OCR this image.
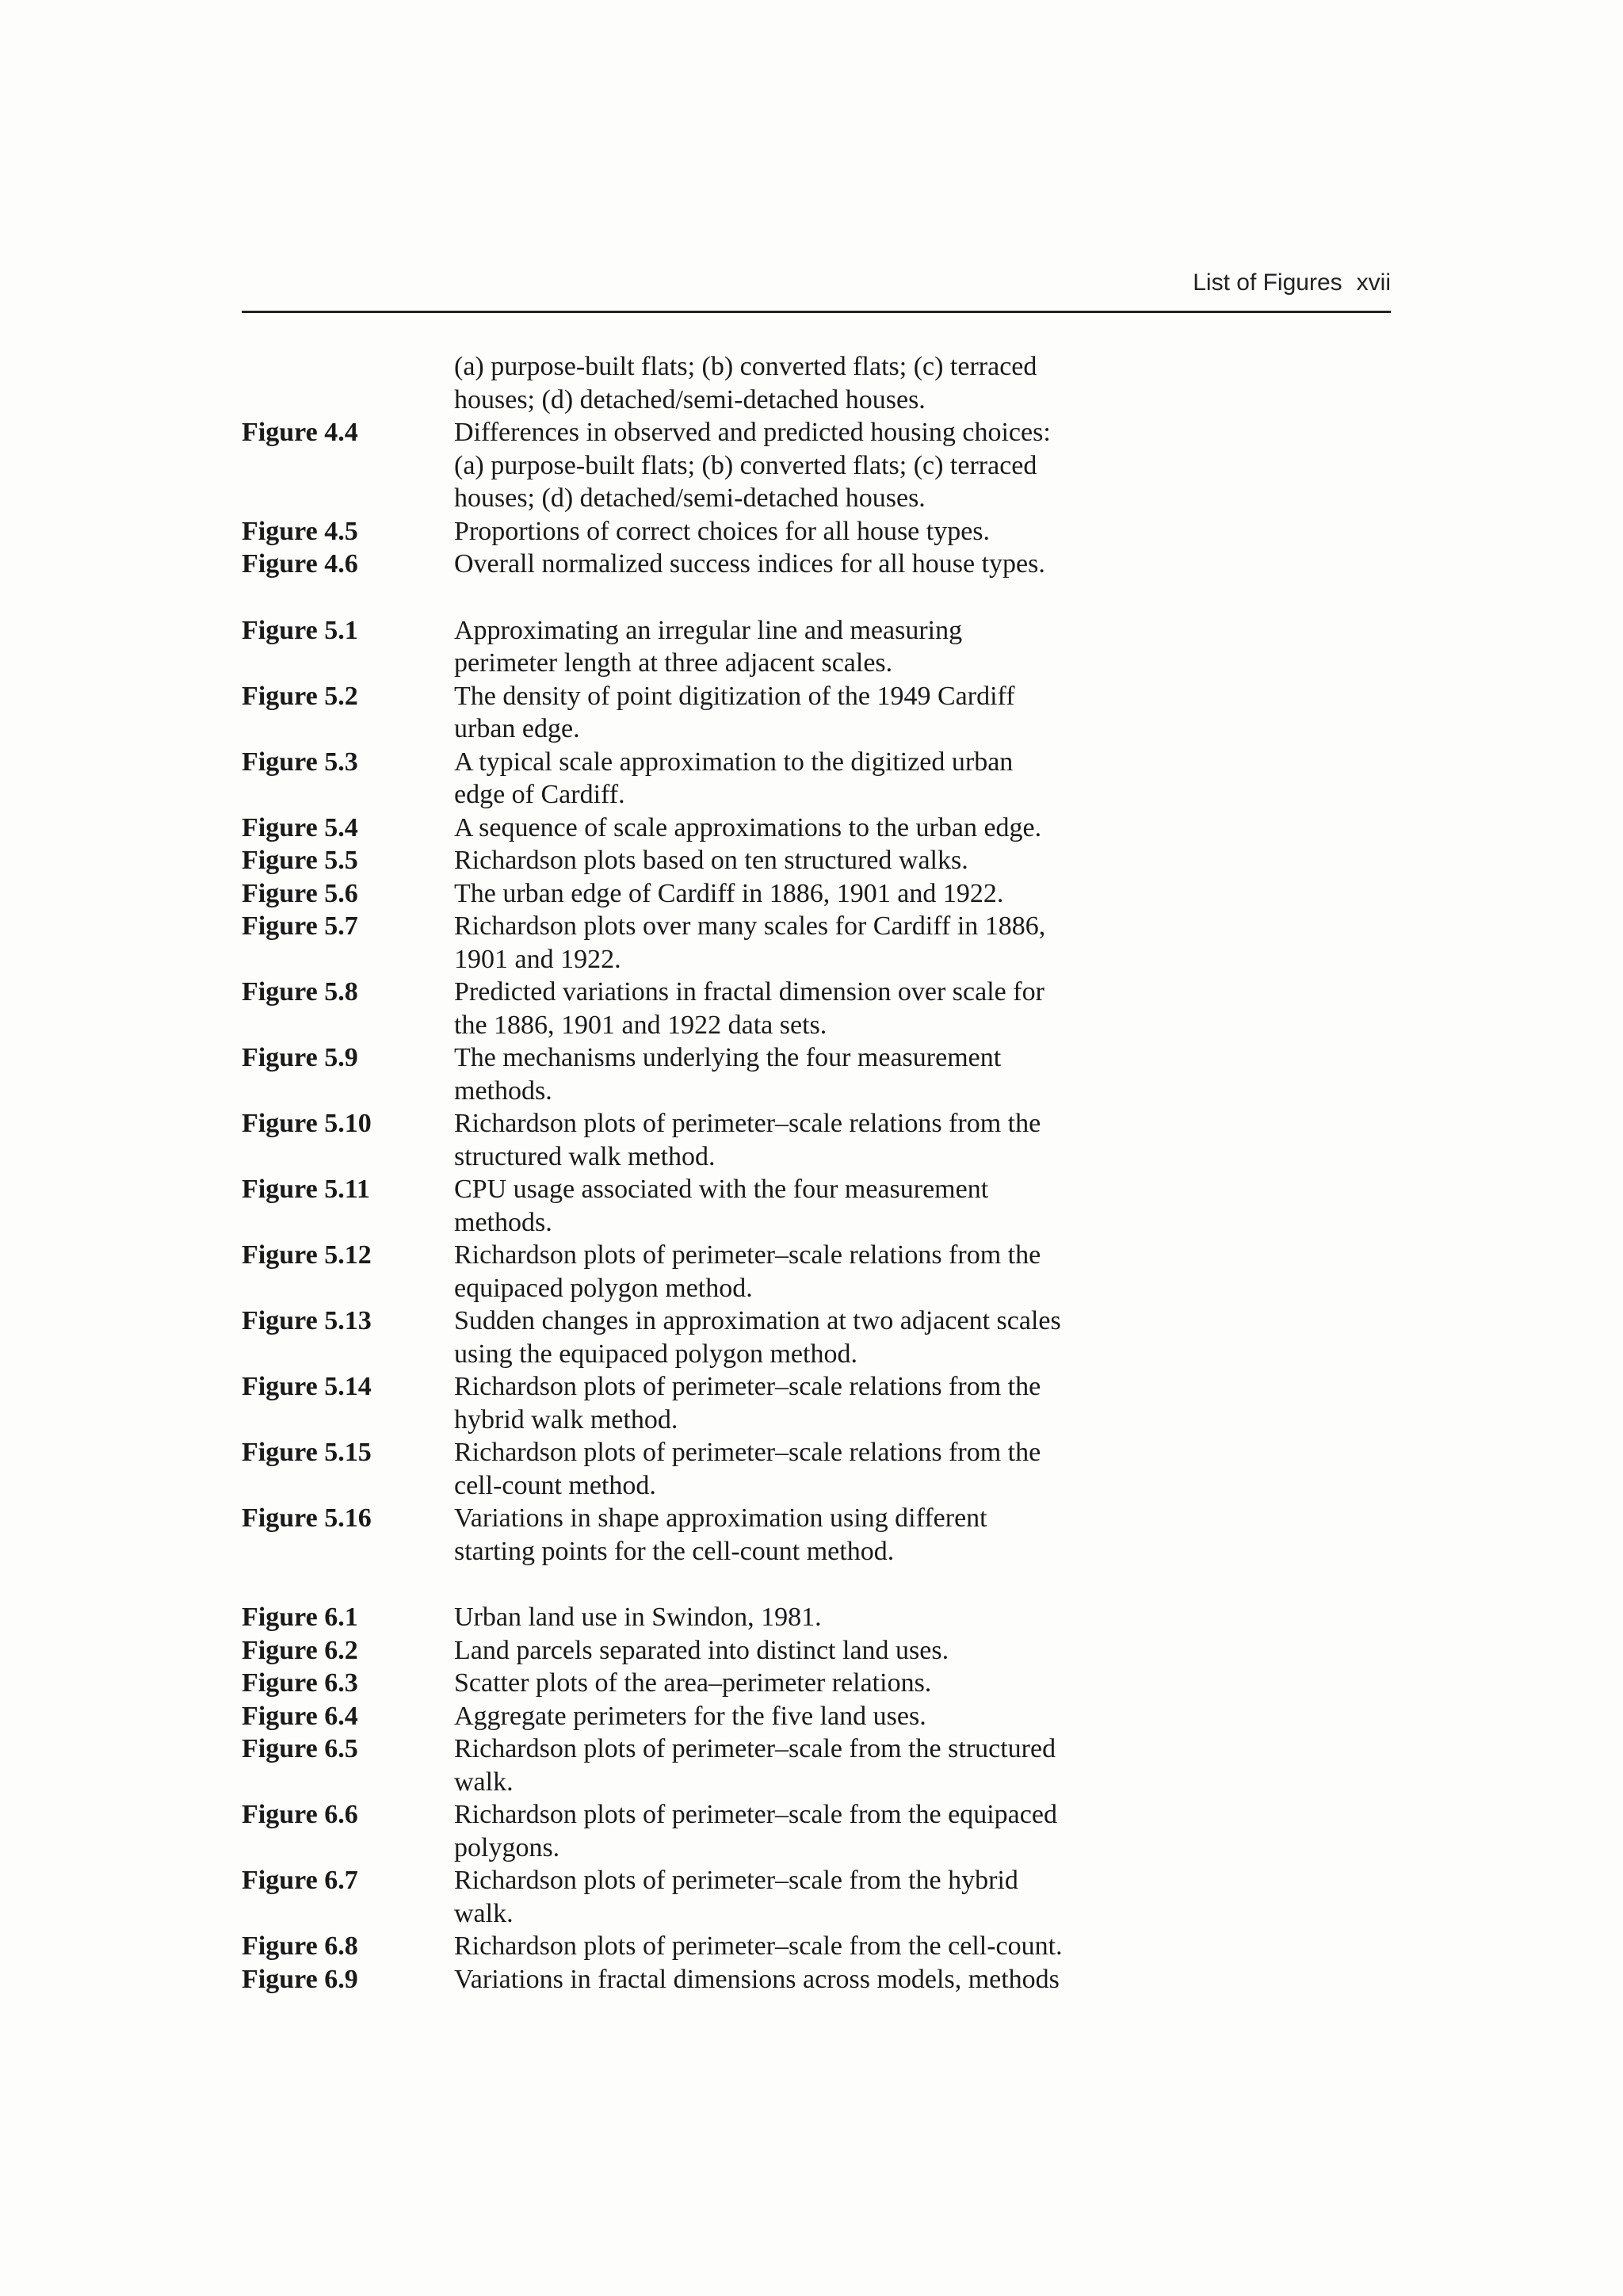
List of Figures xvii
(a) purpose-built flats; (b) converted flats; (c) terraced
houses; (d) detached/semi-detached houses.
Figure 4.4	Differences in observed and predicted housing choices:
(a) purpose-built flats; (b) converted flats; (c) terraced
houses; (d) detached/semi-detached houses.
Figure 4.5	Proportions of correct choices for all house types.
Figure 4.6	Overall normalized success indices for all house types.
Figure 5.1	Approximating an irregular line and measuring
perimeter length at three adjacent scales.
Figure 5.2	The density of point digitization of the 1949 Cardiff
urban edge.
Figure 5.3	A typical scale approximation to the digitized urban
edge of Cardiff.
Figure 5.4	A sequence of scale approximations to the urban edge.
Figure 5.5	Richardson plots based on ten structured walks.
Figure 5.6	The urban edge of Cardiff in 1886, 1901 and 1922.
Figure 5.7	Richardson plots over many scales for Cardiff in 1886,
1901 and 1922.
Figure 5.8	Predicted variations in fractal dimension over scale for
the 1886, 1901 and 1922 data sets.
Figure 5.9	The mechanisms underlying the four measurement
methods.
Figure 5.10	Richardson plots of perimeter–scale relations from the
structured walk method.
Figure 5.11	CPU usage associated with the four measurement
methods.
Figure 5.12	Richardson plots of perimeter–scale relations from the
equipaced polygon method.
Figure 5.13	Sudden changes in approximation at two adjacent scales
using the equipaced polygon method.
Figure 5.14	Richardson plots of perimeter–scale relations from the
hybrid walk method.
Figure 5.15	Richardson plots of perimeter–scale relations from the
cell-count method.
Figure 5.16	Variations in shape approximation using different
starting points for the cell-count method.
Figure 6.1	Urban land use in Swindon, 1981.
Figure 6.2	Land parcels separated into distinct land uses.
Figure 6.3	Scatter plots of the area–perimeter relations.
Figure 6.4	Aggregate perimeters for the five land uses.
Figure 6.5	Richardson plots of perimeter–scale from the structured
walk.
Figure 6.6	Richardson plots of perimeter–scale from the equipaced
polygons.
Figure 6.7	Richardson plots of perimeter–scale from the hybrid
walk.
Figure 6.8	Richardson plots of perimeter–scale from the cell-count.
Figure 6.9	Variations in fractal dimensions across models, methods
